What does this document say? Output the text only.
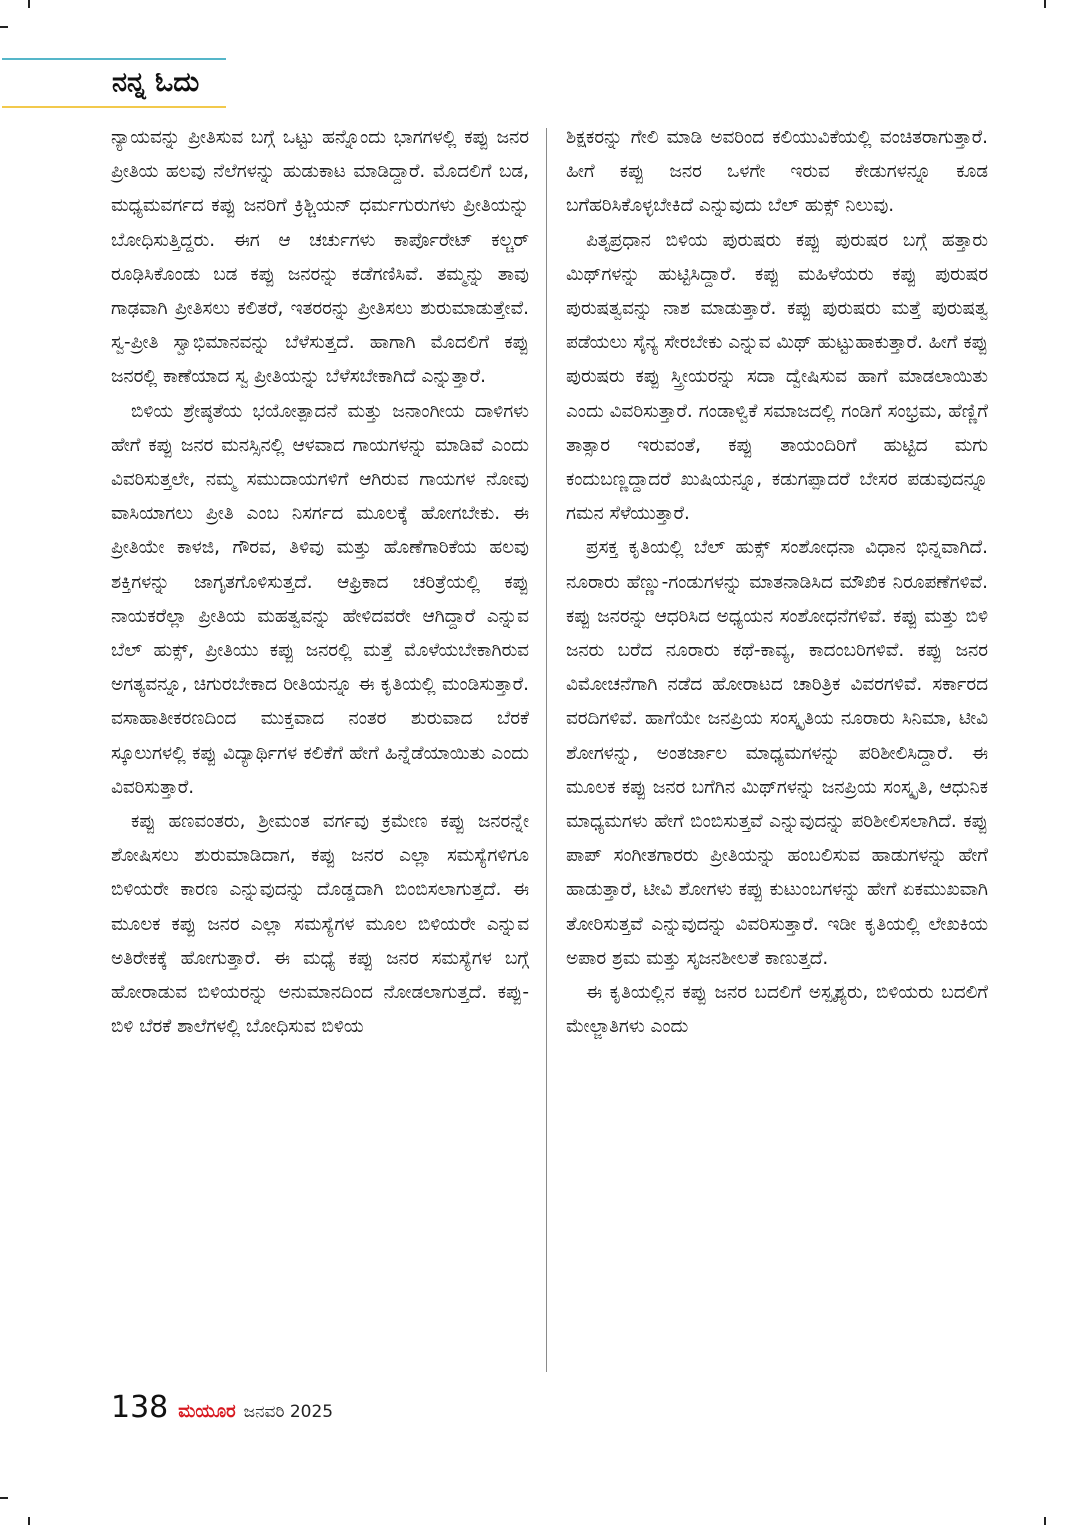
ನನ್ನ ಓದು

ನ್ಯಾಯವನ್ನು ಪ್ರೀತಿಸುವ ಬಗ್ಗೆ ಒಟ್ಟು ಹನ್ನೊಂದು ಭಾಗಗಳಲ್ಲಿ ಕಪ್ಪು ಜನರ ಪ್ರೀತಿಯ ಹಲವು ನೆಲೆಗಳನ್ನು ಹುಡುಕಾಟ ಮಾಡಿದ್ದಾರೆ. ಮೊದಲಿಗೆ ಬಡ, ಮಧ್ಯಮವರ್ಗದ ಕಪ್ಪು ಜನರಿಗೆ ಕ್ರಿಶ್ಚಿಯನ್ ಧರ್ಮಗುರುಗಳು ಪ್ರೀತಿಯನ್ನು ಬೋಧಿಸುತ್ತಿದ್ದರು. ಈಗ ಆ ಚರ್ಚುಗಳು ಕಾರ್ಪೊರೇಟ್ ಕಲ್ಚರ್ ರೂಢಿಸಿಕೊಂಡು ಬಡ ಕಪ್ಪು ಜನರನ್ನು ಕಡೆಗಣಿಸಿವೆ. ತಮ್ಮನ್ನು ತಾವು ಗಾಢವಾಗಿ ಪ್ರೀತಿಸಲು ಕಲಿತರೆ, ಇತರರನ್ನು ಪ್ರೀತಿಸಲು ಶುರುಮಾಡುತ್ತೇವೆ. ಸ್ವ-ಪ್ರೀತಿ ಸ್ವಾಭಿಮಾನವನ್ನು ಬೆಳೆಸುತ್ತದೆ. ಹಾಗಾಗಿ ಮೊದಲಿಗೆ ಕಪ್ಪು ಜನರಲ್ಲಿ ಕಾಣೆಯಾದ ಸ್ವ ಪ್ರೀತಿಯನ್ನು ಬೆಳೆಸಬೇಕಾಗಿದೆ ಎನ್ನುತ್ತಾರೆ.

ಬಿಳಿಯ ಶ್ರೇಷ್ಠತೆಯ ಭಯೋತ್ಪಾದನೆ ಮತ್ತು ಜನಾಂಗೀಯ ದಾಳಿಗಳು ಹೇಗೆ ಕಪ್ಪು ಜನರ ಮನಸ್ಸಿನಲ್ಲಿ ಆಳವಾದ ಗಾಯಗಳನ್ನು ಮಾಡಿವೆ ಎಂದು ವಿವರಿಸುತ್ತಲೇ, ನಮ್ಮ ಸಮುದಾಯಗಳಿಗೆ ಆಗಿರುವ ಗಾಯಗಳ ನೋವು ವಾಸಿಯಾಗಲು ಪ್ರೀತಿ ಎಂಬ ನಿಸರ್ಗದ ಮೂಲಕ್ಕೆ ಹೋಗಬೇಕು. ಈ ಪ್ರೀತಿಯೇ ಕಾಳಜಿ, ಗೌರವ, ತಿಳಿವು ಮತ್ತು ಹೊಣೆಗಾರಿಕೆಯ ಹಲವು ಶಕ್ತಿಗಳನ್ನು ಜಾಗೃತಗೊಳಿಸುತ್ತದೆ. ಆಫ್ರಿಕಾದ ಚರಿತ್ರೆಯಲ್ಲಿ ಕಪ್ಪು ನಾಯಕರೆಲ್ಲಾ ಪ್ರೀತಿಯ ಮಹತ್ವವನ್ನು ಹೇಳಿದವರೇ ಆಗಿದ್ದಾರೆ ಎನ್ನುವ ಬೆಲ್ ಹುಕ್ಸ್, ಪ್ರೀತಿಯು ಕಪ್ಪು ಜನರಲ್ಲಿ ಮತ್ತೆ ಮೊಳೆಯಬೇಕಾಗಿರುವ ಅಗತ್ಯವನ್ನೂ, ಚಿಗುರಬೇಕಾದ ರೀತಿಯನ್ನೂ ಈ ಕೃತಿಯಲ್ಲಿ ಮಂಡಿಸುತ್ತಾರೆ. ವಸಾಹಾತೀಕರಣದಿಂದ ಮುಕ್ತವಾದ ನಂತರ ಶುರುವಾದ ಬೆರಕೆ ಸ್ಕೂಲುಗಳಲ್ಲಿ ಕಪ್ಪು ವಿದ್ಯಾರ್ಥಿಗಳ ಕಲಿಕೆಗೆ ಹೇಗೆ ಹಿನ್ನೆಡೆಯಾಯಿತು ಎಂದು ವಿವರಿಸುತ್ತಾರೆ.

ಕಪ್ಪು ಹಣವಂತರು, ಶ್ರೀಮಂತ ವರ್ಗವು ಕ್ರಮೇಣ ಕಪ್ಪು ಜನರನ್ನೇ ಶೋಷಿಸಲು ಶುರುಮಾಡಿದಾಗ, ಕಪ್ಪು ಜನರ ಎಲ್ಲಾ ಸಮಸ್ಯೆಗಳಿಗೂ ಬಿಳಿಯರೇ ಕಾರಣ ಎನ್ನುವುದನ್ನು ದೊಡ್ಡದಾಗಿ ಬಿಂಬಿಸಲಾಗುತ್ತದೆ. ಈ ಮೂಲಕ ಕಪ್ಪು ಜನರ ಎಲ್ಲಾ ಸಮಸ್ಯೆಗಳ ಮೂಲ ಬಿಳಿಯರೇ ಎನ್ನುವ ಅತಿರೇಕಕ್ಕೆ ಹೋಗುತ್ತಾರೆ. ಈ ಮಧ್ಯೆ ಕಪ್ಪು ಜನರ ಸಮಸ್ಯೆಗಳ ಬಗ್ಗೆ ಹೋರಾಡುವ ಬಿಳಿಯರನ್ನು ಅನುಮಾನದಿಂದ ನೋಡಲಾಗುತ್ತದೆ. ಕಪ್ಪು-ಬಿಳಿ ಬೆರಕೆ ಶಾಲೆಗಳಲ್ಲಿ ಬೋಧಿಸುವ ಬಿಳಿಯ

ಶಿಕ್ಷಕರನ್ನು ಗೇಲಿ ಮಾಡಿ ಅವರಿಂದ ಕಲಿಯುವಿಕೆಯಲ್ಲಿ ವಂಚಿತರಾಗುತ್ತಾರೆ. ಹೀಗೆ ಕಪ್ಪು ಜನರ ಒಳಗೇ ಇರುವ ಕೇಡುಗಳನ್ನೂ ಕೂಡ ಬಗೆಹರಿಸಿಕೊಳ್ಳಬೇಕಿದೆ ಎನ್ನುವುದು ಬೆಲ್ ಹುಕ್ಸ್ ನಿಲುವು.

ಪಿತೃಪ್ರಧಾನ ಬಿಳಿಯ ಪುರುಷರು ಕಪ್ಪು ಪುರುಷರ ಬಗ್ಗೆ ಹತ್ತಾರು ಮಿಥ್‌ಗಳನ್ನು ಹುಟ್ಟಿಸಿದ್ದಾರೆ. ಕಪ್ಪು ಮಹಿಳೆಯರು ಕಪ್ಪು ಪುರುಷರ ಪುರುಷತ್ವವನ್ನು ನಾಶ ಮಾಡುತ್ತಾರೆ. ಕಪ್ಪು ಪುರುಷರು ಮತ್ತೆ ಪುರುಷತ್ವ ಪಡೆಯಲು ಸೈನ್ಯ ಸೇರಬೇಕು ಎನ್ನುವ ಮಿಥ್ ಹುಟ್ಟುಹಾಕುತ್ತಾರೆ. ಹೀಗೆ ಕಪ್ಪು ಪುರುಷರು ಕಪ್ಪು ಸ್ತ್ರೀಯರನ್ನು ಸದಾ ದ್ವೇಷಿಸುವ ಹಾಗೆ ಮಾಡಲಾಯಿತು ಎಂದು ವಿವರಿಸುತ್ತಾರೆ. ಗಂಡಾಳ್ವಿಕೆ ಸಮಾಜದಲ್ಲಿ ಗಂಡಿಗೆ ಸಂಭ್ರಮ, ಹೆಣ್ಣಿಗೆ ತಾತ್ಸಾರ ಇರುವಂತೆ, ಕಪ್ಪು ತಾಯಂದಿರಿಗೆ ಹುಟ್ಟಿದ ಮಗು ಕಂದುಬಣ್ಣದ್ದಾದರೆ ಖುಷಿಯನ್ನೂ, ಕಡುಗಪ್ಪಾದರೆ ಬೇಸರ ಪಡುವುದನ್ನೂ ಗಮನ ಸೆಳೆಯುತ್ತಾರೆ.

ಪ್ರಸಕ್ತ ಕೃತಿಯಲ್ಲಿ ಬೆಲ್ ಹುಕ್ಸ್ ಸಂಶೋಧನಾ ವಿಧಾನ ಭಿನ್ನವಾಗಿದೆ. ನೂರಾರು ಹೆಣ್ಣು-ಗಂಡುಗಳನ್ನು ಮಾತನಾಡಿಸಿದ ಮೌಖಿಕ ನಿರೂಪಣೆಗಳಿವೆ. ಕಪ್ಪು ಜನರನ್ನು ಆಧರಿಸಿದ ಅಧ್ಯಯನ ಸಂಶೋಧನೆಗಳಿವೆ. ಕಪ್ಪು ಮತ್ತು ಬಿಳಿ ಜನರು ಬರೆದ ನೂರಾರು ಕಥೆ-ಕಾವ್ಯ, ಕಾದಂಬರಿಗಳಿವೆ. ಕಪ್ಪು ಜನರ ವಿಮೋಚನೆಗಾಗಿ ನಡೆದ ಹೋರಾಟದ ಚಾರಿತ್ರಿಕ ವಿವರಗಳಿವೆ. ಸರ್ಕಾರದ ವರದಿಗಳಿವೆ. ಹಾಗೆಯೇ ಜನಪ್ರಿಯ ಸಂಸ್ಕೃತಿಯ ನೂರಾರು ಸಿನಿಮಾ, ಟೀವಿ ಶೋಗಳನ್ನು, ಅಂತರ್ಜಾಲ ಮಾಧ್ಯಮಗಳನ್ನು ಪರಿಶೀಲಿಸಿದ್ದಾರೆ. ಈ ಮೂಲಕ ಕಪ್ಪು ಜನರ ಬಗೆಗಿನ ಮಿಥ್‌ಗಳನ್ನು ಜನಪ್ರಿಯ ಸಂಸ್ಕೃತಿ, ಆಧುನಿಕ ಮಾಧ್ಯಮಗಳು ಹೇಗೆ ಬಿಂಬಿಸುತ್ತವೆ ಎನ್ನುವುದನ್ನು ಪರಿಶೀಲಿಸಲಾಗಿದೆ. ಕಪ್ಪು ಪಾಪ್ ಸಂಗೀತಗಾರರು ಪ್ರೀತಿಯನ್ನು ಹಂಬಲಿಸುವ ಹಾಡುಗಳನ್ನು ಹೇಗೆ ಹಾಡುತ್ತಾರೆ, ಟೀವಿ ಶೋಗಳು ಕಪ್ಪು ಕುಟುಂಬಗಳನ್ನು ಹೇಗೆ ಏಕಮುಖವಾಗಿ ತೋರಿಸುತ್ತವೆ ಎನ್ನುವುದನ್ನು ವಿವರಿಸುತ್ತಾರೆ. ಇಡೀ ಕೃತಿಯಲ್ಲಿ ಲೇಖಕಿಯ ಅಪಾರ ಶ್ರಮ ಮತ್ತು ಸೃಜನಶೀಲತೆ ಕಾಣುತ್ತದೆ.

ಈ ಕೃತಿಯಲ್ಲಿನ ಕಪ್ಪು ಜನರ ಬದಲಿಗೆ ಅಸ್ಪೃಶ್ಯರು, ಬಿಳಿಯರು ಬದಲಿಗೆ ಮೇಲ್ಜಾತಿಗಳು ಎಂದು

138 ಮಯೂರ ಜನವರಿ 2025
